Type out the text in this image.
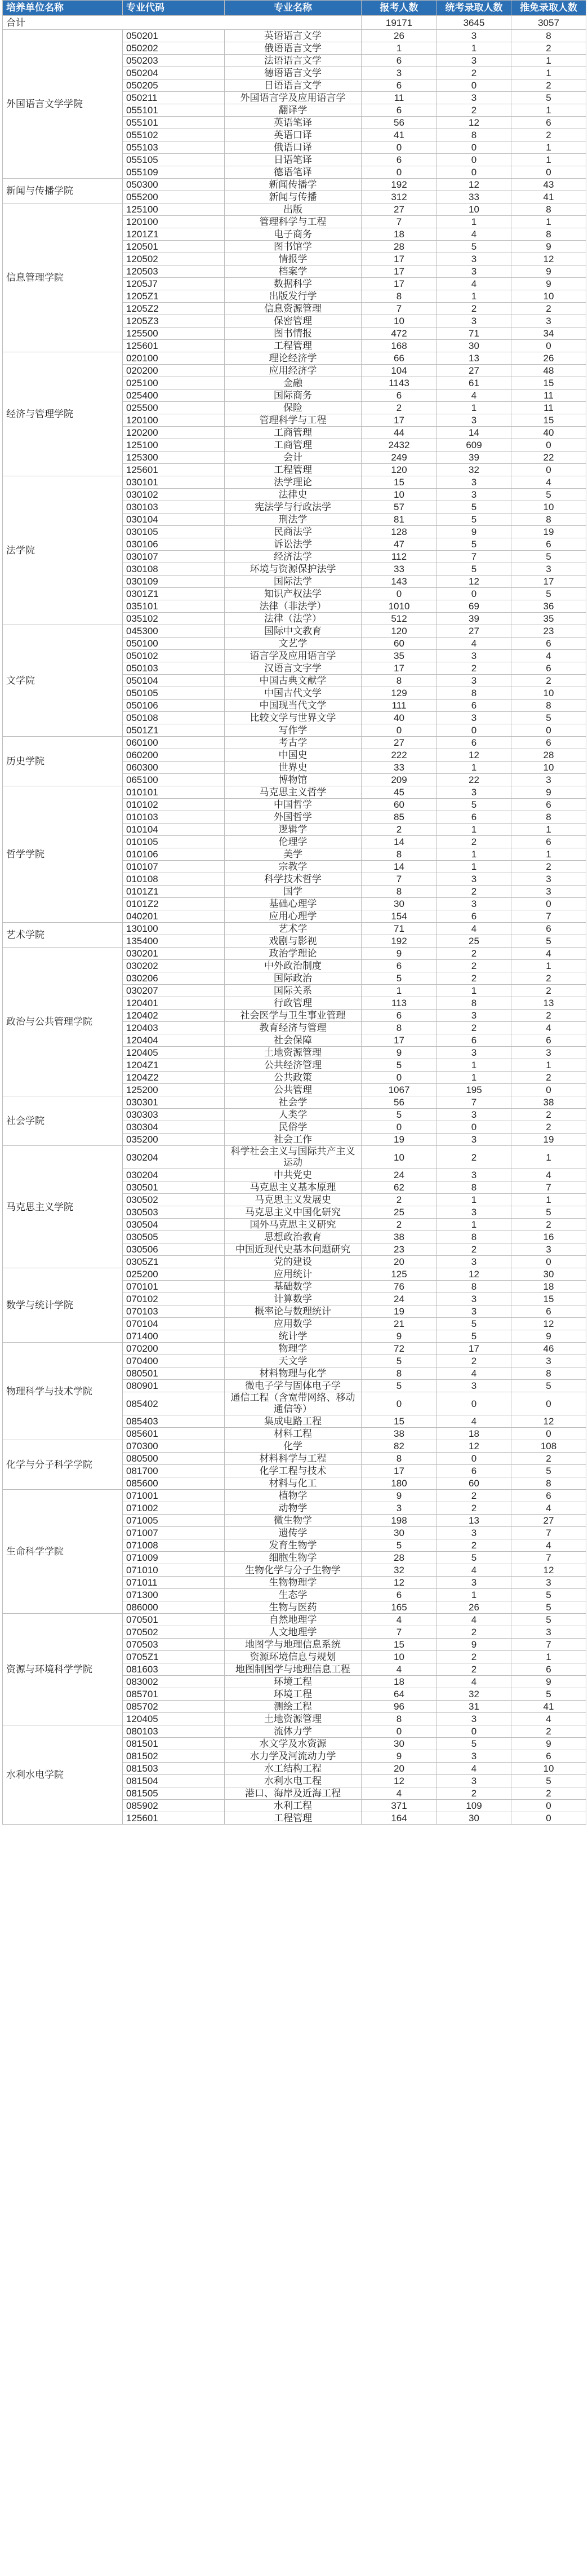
培养单位名称	专业代码	专业名称	报考人数	统考录取人数	推免录取人数
合计			19171	3645	3057
外国语言文学学院	050201	英语语言文学	26	3	8
	050202	俄语语言文学	1	1	2
	050203	法语语言文学	6	3	1
	050204	德语语言文学	3	2	1
	050205	日语语言文学	6	0	2
	050211	外国语言学及应用语言学	11	3	5
	055101	翻译学	6	2	1
	055101	英语笔译	56	12	6
	055102	英语口译	41	8	2
	055103	俄语口译	0	0	1
	055105	日语笔译	6	0	1
	055109	德语笔译	0	0	0
新闻与传播学院	050300	新闻传播学	192	12	43
	055200	新闻与传播	312	33	41
信息管理学院	125100	出版	27	10	8
	120100	管理科学与工程	7	1	1
	1201Z1	电子商务	18	4	8
	120501	图书馆学	28	5	9
	120502	情报学	17	3	12
	120503	档案学	17	3	9
	1205J7	数据科学	17	4	9
	1205Z1	出版发行学	8	1	10
	1205Z2	信息资源管理	7	2	2
	1205Z3	保密管理	10	3	3
	125500	图书情报	472	71	34
	125601	工程管理	168	30	0
经济与管理学院	020100	理论经济学	66	13	26
	020200	应用经济学	104	27	48
	025100	金融	1143	61	15
	025400	国际商务	6	4	11
	025500	保险	2	1	11
	120100	管理科学与工程	17	3	15
	120200	工商管理	44	14	40
	125100	工商管理	2432	609	0
	125300	会计	249	39	22
	125601	工程管理	120	32	0
法学院	030101	法学理论	15	3	4
	030102	法律史	10	3	5
	030103	宪法学与行政法学	57	5	10
	030104	刑法学	81	5	8
	030105	民商法学	128	9	19
	030106	诉讼法学	47	5	6
	030107	经济法学	112	7	5
	030108	环境与资源保护法学	33	5	3
	030109	国际法学	143	12	17
	0301Z1	知识产权法学	0	0	5
	035101	法律（非法学）	1010	69	36
	035102	法律（法学）	512	39	35
文学院	045300	国际中文教育	120	27	23
	050100	文艺学	60	4	6
	050102	语言学及应用语言学	35	3	4
	050103	汉语言文字学	17	2	6
	050104	中国古典文献学	8	3	2
	050105	中国古代文学	129	8	10
	050106	中国现当代文学	111	6	8
	050108	比较文学与世界文学	40	3	5
	0501Z1	写作学	0	0	0
历史学院	060100	考古学	27	6	6
	060200	中国史	222	12	28
	060300	世界史	33	1	10
	065100	博物馆	209	22	3
哲学学院	010101	马克思主义哲学	45	3	9
	010102	中国哲学	60	5	6
	010103	外国哲学	85	6	8
	010104	逻辑学	2	1	1
	010105	伦理学	14	2	6
	010106	美学	8	1	1
	010107	宗教学	14	1	2
	010108	科学技术哲学	7	3	3
	0101Z1	国学	8	2	3
	0101Z2	基础心理学	30	3	0
	040201	应用心理学	154	6	7
艺术学院	130100	艺术学	71	4	6
	135400	戏剧与影视	192	25	5
政治与公共管理学院	030201	政治学理论	9	2	4
	030202	中外政治制度	6	2	1
	030206	国际政治	5	2	2
	030207	国际关系	1	1	2
	120401	行政管理	113	8	13
	120402	社会医学与卫生事业管理	6	3	2
	120403	教育经济与管理	8	2	4
	120404	社会保障	17	6	6
	120405	土地资源管理	9	3	3
	1204Z1	公共经济管理	5	1	1
	1204Z2	公共政策	0	1	2
	125200	公共管理	1067	195	0
社会学院	030301	社会学	56	7	38
	030303	人类学	5	3	2
	030304	民俗学	0	0	2
	035200	社会工作	19	3	19
马克思主义学院	030204	科学社会主义与国际共产主义运动	10	2	1
	030204	中共党史	24	3	4
	030501	马克思主义基本原理	62	8	7
	030502	马克思主义发展史	2	1	1
	030503	马克思主义中国化研究	25	3	5
	030504	国外马克思主义研究	2	1	2
	030505	思想政治教育	38	8	16
	030506	中国近现代史基本问题研究	23	2	3
	0305Z1	党的建设	20	3	0
数学与统计学院	025200	应用统计	125	12	30
	070101	基础数学	76	8	18
	070102	计算数学	24	3	15
	070103	概率论与数理统计	19	3	6
	070104	应用数学	21	5	12
	071400	统计学	9	5	9
物理科学与技术学院	070200	物理学	72	17	46
	070400	天文学	5	2	3
	080501	材料物理与化学	8	4	8
	080901	微电子学与固体电子学	5	3	5
	085402	通信工程（含宽带网络、移动通信等）	0	0	0
	085403	集成电路工程	15	4	12
	085601	材料工程	38	18	0
化学与分子科学学院	070300	化学	82	12	108
	080500	材料科学与工程	8	0	2
	081700	化学工程与技术	17	6	5
	085600	材料与化工	180	60	8
生命科学学院	071001	植物学	9	2	6
	071002	动物学	3	2	4
	071005	微生物学	198	13	27
	071007	遗传学	30	3	7
	071008	发育生物学	5	2	4
	071009	细胞生物学	28	5	7
	071010	生物化学与分子生物学	32	4	12
	071011	生物物理学	12	3	3
	071300	生态学	6	1	5
	086000	生物与医药	165	26	5
资源与环境科学学院	070501	自然地理学	4	4	5
	070502	人文地理学	7	2	3
	070503	地图学与地理信息系统	15	9	7
	0705Z1	资源环境信息与规划	10	2	1
	081603	地图制图学与地理信息工程	4	2	6
	083002	环境工程	18	4	9
	085701	环境工程	64	32	5
	085702	测绘工程	96	31	41
	120405	土地资源管理	8	3	4
水利水电学院	080103	流体力学	0	0	2
	081501	水文学及水资源	30	5	9
	081502	水力学及河流动力学	9	3	6
	081503	水工结构工程	20	4	10
	081504	水利水电工程	12	3	5
	081505	港口、海岸及近海工程	4	2	2
	085902	水利工程	371	109	0
	125601	工程管理	164	30	0
